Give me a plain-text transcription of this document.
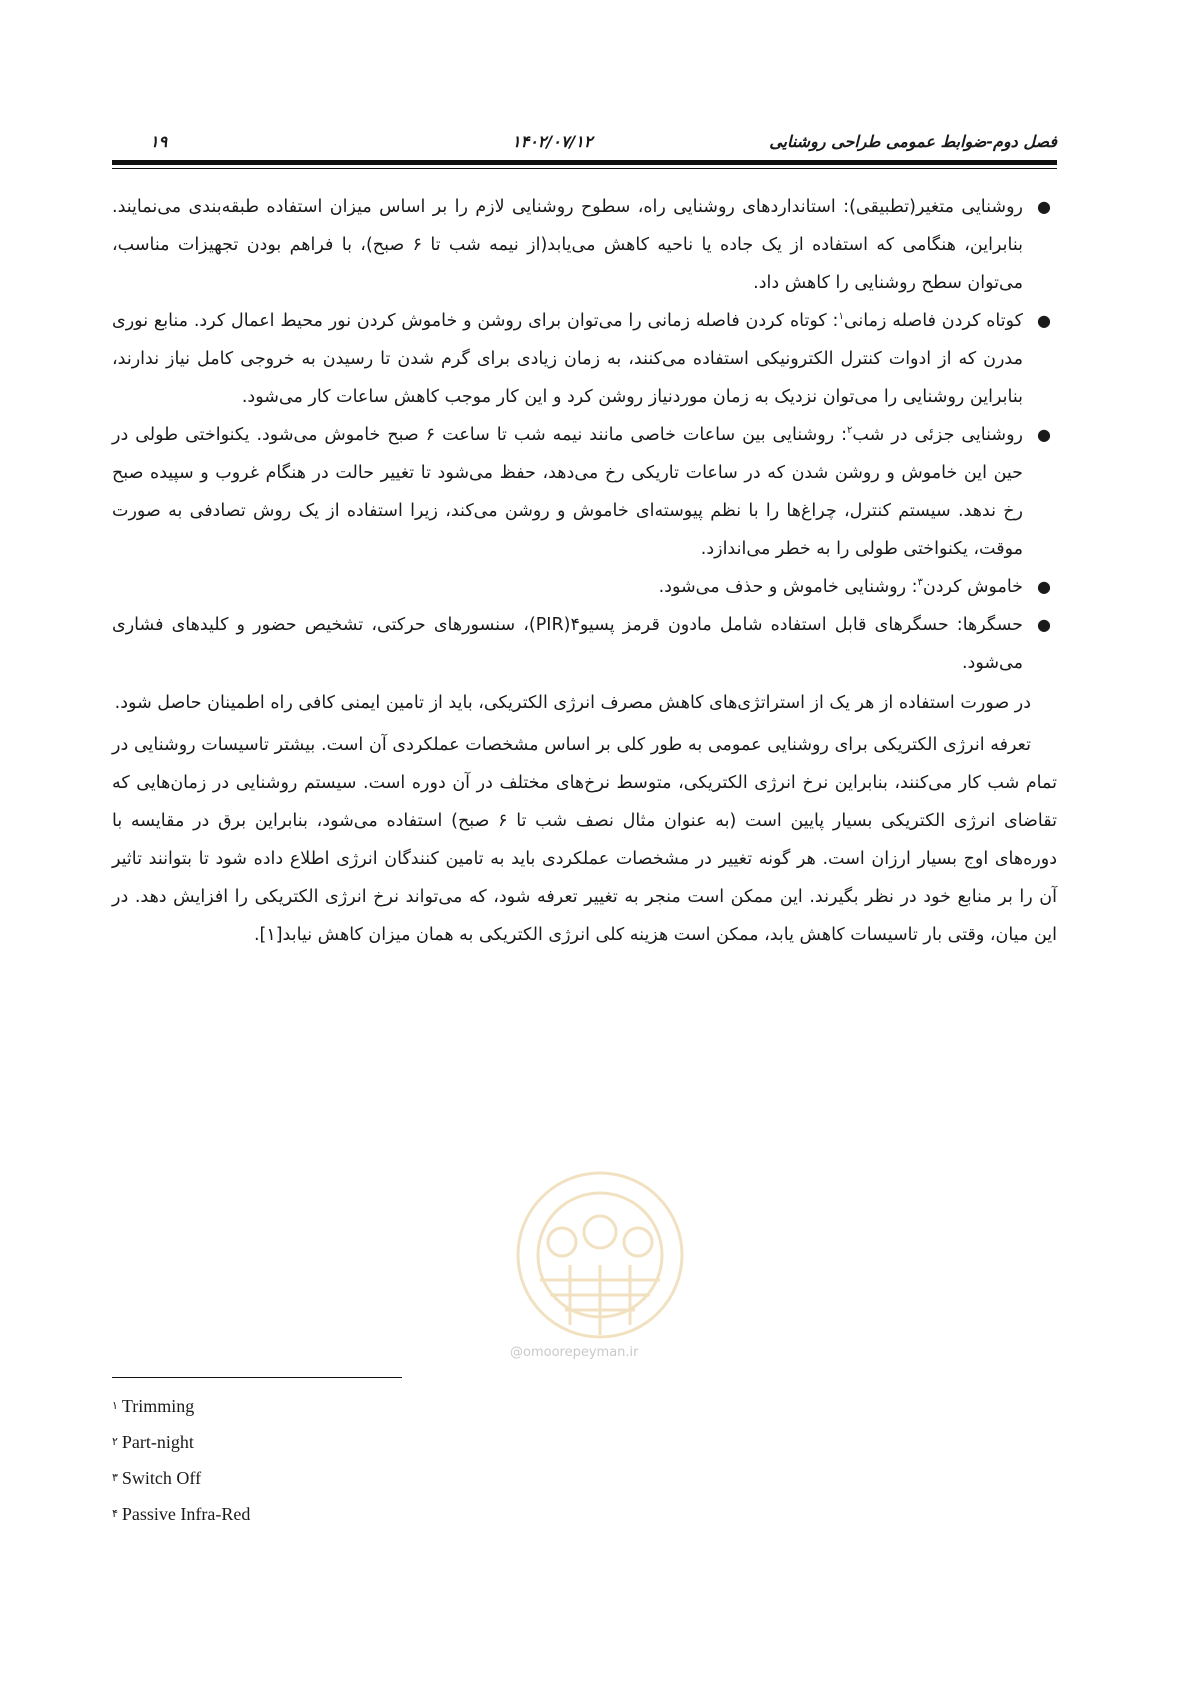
فصل دوم-ضوابط عمومی طراحی روشنایی
۱۴۰۲/۰۷/۱۲
۱۹
●
روشنایی متغیر(تطبیقی): استانداردهای روشنایی راه، سطوح روشنایی لازم را بر اساس میزان استفاده طبقه‌بندی می‌نمایند. بنابراین، هنگامی که استفاده از یک جاده یا ناحیه کاهش می‌یابد(از نیمه شب تا ۶ صبح)، با فراهم بودن تجهیزات مناسب، می‌توان سطح روشنایی را کاهش داد.
●
کوتاه کردن فاصله زمانی$^۱$: کوتاه کردن فاصله زمانی را می‌توان برای روشن و خاموش کردن نور محیط اعمال کرد. منابع نوری مدرن که از ادوات کنترل الکترونیکی استفاده می‌کنند، به زمان زیادی برای گرم شدن تا رسیدن به خروجی کامل نیاز ندارند، بنابراین روشنایی را می‌توان نزدیک به زمان موردنیاز روشن کرد و این کار موجب کاهش ساعات کار می‌شود.
●
روشنایی جزئی در شب$^۲$: روشنایی بین ساعات خاصی مانند نیمه شب تا ساعت ۶ صبح خاموش می‌شود. یکنواختی طولی در حین این خاموش و روشن شدن که در ساعات تاریکی رخ می‌دهد، حفظ می‌شود تا تغییر حالت در هنگام غروب و سپیده صبح رخ ندهد. سیستم کنترل، چراغ‌ها را با نظم پیوسته‌ای خاموش و روشن می‌کند، زیرا استفاده از یک روش تصادفی به صورت موقت، یکنواختی طولی را به خطر می‌اندازد.
●
خاموش کردن$^۳$: روشنایی خاموش و حذف می‌شود.
●
حسگرها: حسگرهای قابل استفاده شامل مادون قرمز پسیو۴(PIR)، سنسورهای حرکتی، تشخیص حضور و کلیدهای فشاری می‌شود.

در صورت استفاده از هر یک از استراتژی‌های کاهش مصرف انرژی الکتریکی، باید از تامین ایمنی کافی راه اطمینان حاصل شود.

تعرفه انرژی الکتریکی برای روشنایی عمومی به طور کلی بر اساس مشخصات عملکردی آن است. بیشتر تاسیسات روشنایی در تمام شب کار می‌کنند، بنابراین نرخ انرژی الکتریکی، متوسط نرخ‌های مختلف در آن دوره است. سیستم روشنایی در زمان‌هایی که تقاضای انرژی الکتریکی بسیار پایین است (به عنوان مثال نصف شب تا ۶ صبح) استفاده می‌شود، بنابراین برق در مقایسه با دوره‌های اوج بسیار ارزان است. هر گونه تغییر در مشخصات عملکردی باید به تامین کنندگان انرژی اطلاع داده شود تا بتوانند تاثیر آن را بر منابع خود در نظر بگیرند. این ممکن است منجر به تغییر تعرفه شود، که می‌تواند نرخ انرژی الکتریکی را افزایش دهد. در این میان، وقتی بار تاسیسات کاهش یابد، ممکن است هزینه کلی انرژی الکتریکی به همان میزان کاهش نیابد[۱].

@omoorepeyman.ir
$^۱$ Trimming
$^۲$ Part-night
$^۳$ Switch Off
$^۴$ Passive Infra-Red
